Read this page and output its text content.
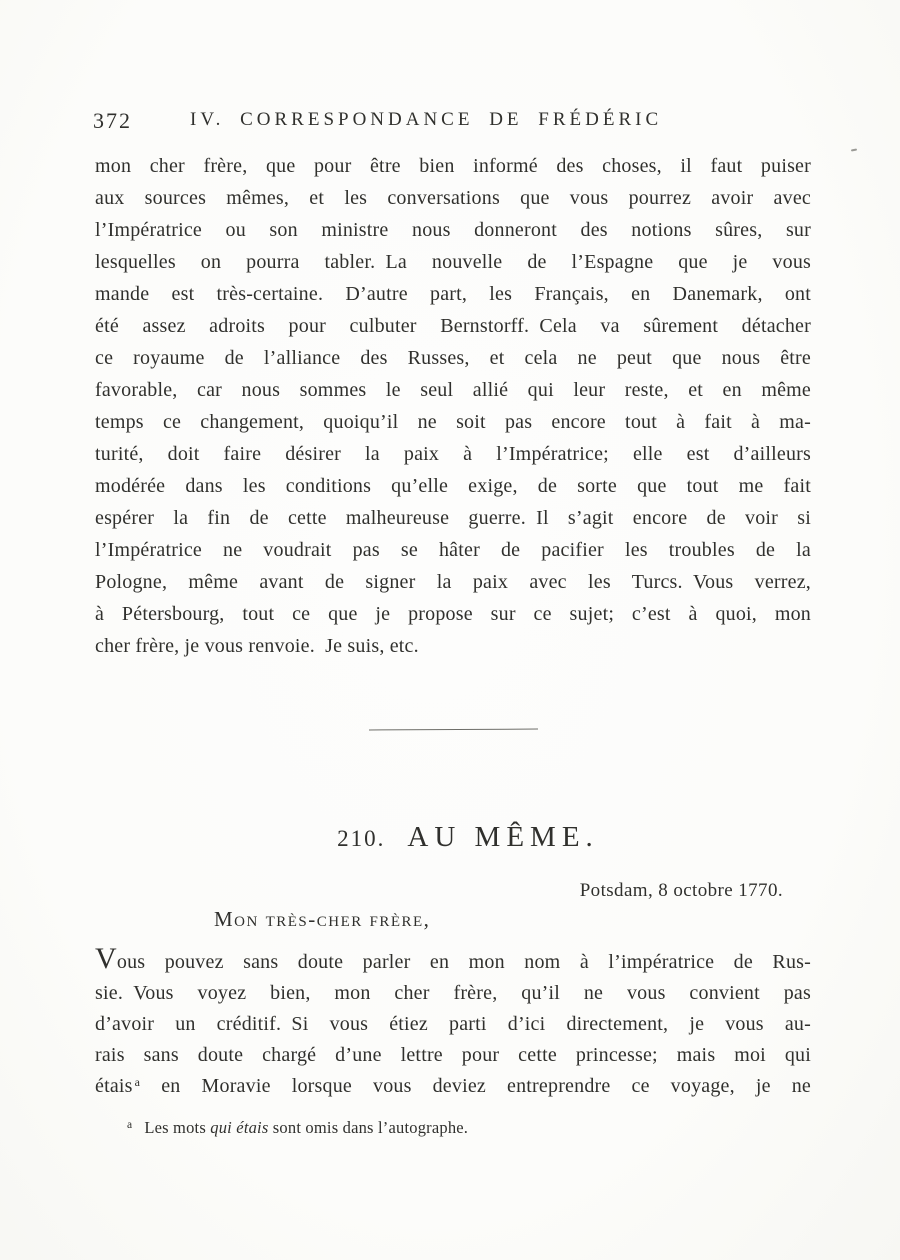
372	IV. CORRESPONDANCE DE FRÉDÉRIC
mon cher frère, que pour être bien informé des choses, il faut puiser
aux sources mêmes, et les conversations que vous pourrez avoir avec
l’Impératrice ou son ministre nous donneront des notions sûres, sur
lesquelles on pourra tabler. La nouvelle de l’Espagne que je vous
mande est très-certaine. D’autre part, les Français, en Danemark, ont
été assez adroits pour culbuter Bernstorff. Cela va sûrement détacher
ce royaume de l’alliance des Russes, et cela ne peut que nous être
favorable, car nous sommes le seul allié qui leur reste, et en même
temps ce changement, quoiqu’il ne soit pas encore tout à fait à ma-
turité, doit faire désirer la paix à l’Impératrice; elle est d’ailleurs
modérée dans les conditions qu’elle exige, de sorte que tout me fait
espérer la fin de cette malheureuse guerre. Il s’agit encore de voir si
l’Impératrice ne voudrait pas se hâter de pacifier les troubles de la
Pologne, même avant de signer la paix avec les Turcs. Vous verrez,
à Pétersbourg, tout ce que je propose sur ce sujet; c’est à quoi, mon
cher frère, je vous renvoie. Je suis, etc.
210. AU MÊME.
Potsdam, 8 octobre 1770.
Mon très-cher frère,
Vous pouvez sans doute parler en mon nom à l’impératrice de Rus-
sie. Vous voyez bien, mon cher frère, qu’il ne vous convient pas
d’avoir un créditif. Si vous étiez parti d’ici directement, je vous au-
rais sans doute chargé d’une lettre pour cette princesse; mais moi qui
étais $^a$ en Moravie lorsque vous deviez entreprendre ce voyage, je ne
$^a$ Les mots qui étais sont omis dans l’autographe.
